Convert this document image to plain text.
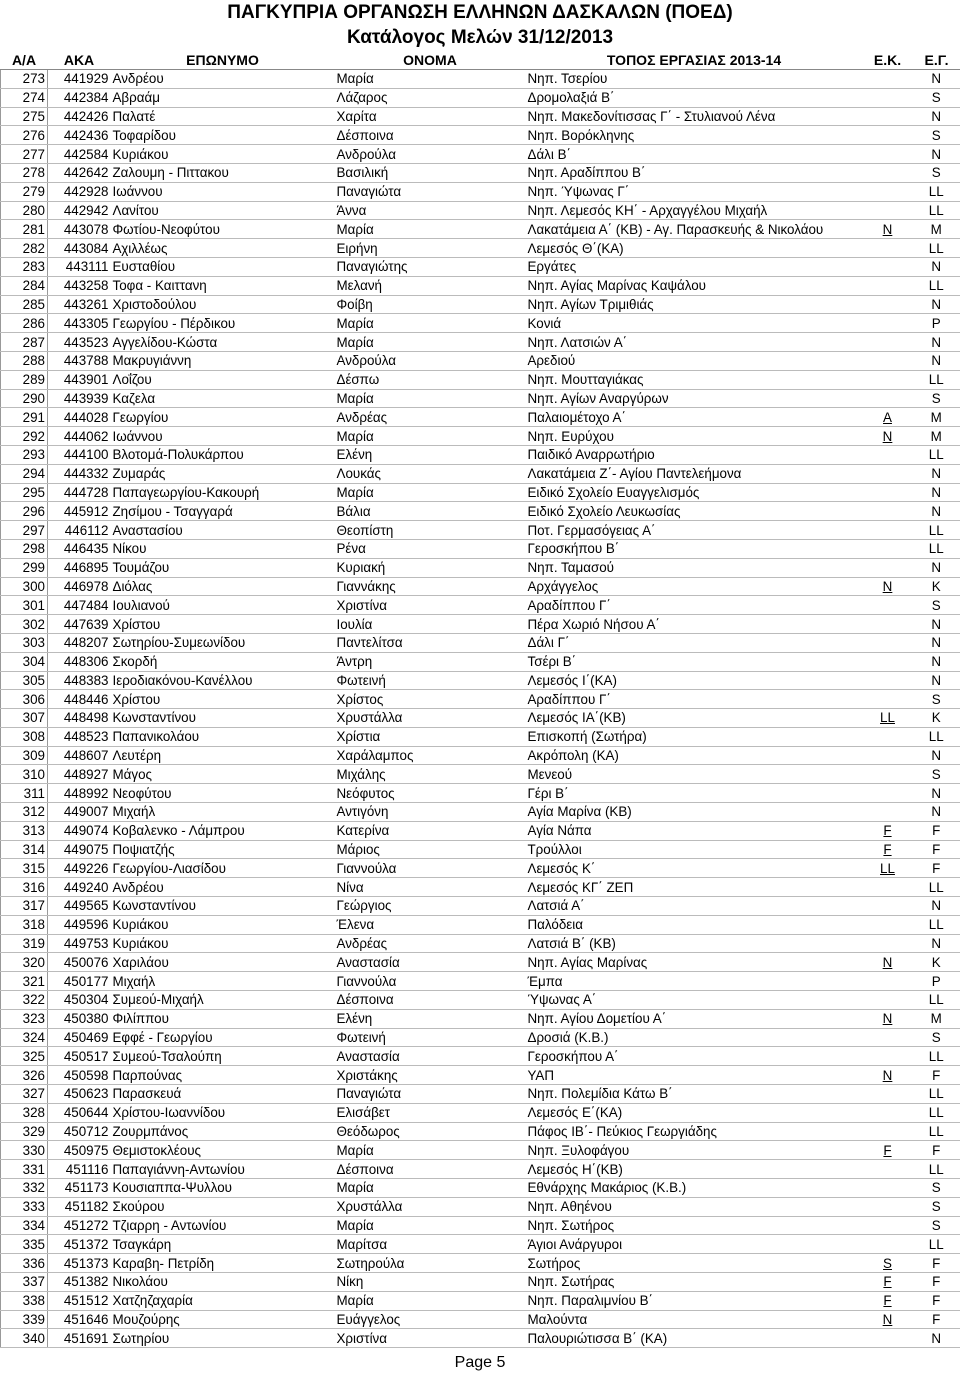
ΠΑΓΚΥΠΡΙΑ ΟΡΓΑΝΩΣΗ ΕΛΛΗΝΩΝ ΔΑΣΚΑΛΩΝ (ΠΟΕΔ)
Κατάλογος Μελών 31/12/2013
Α/Α	ΑΚΑ	ΕΠΩΝΥΜΟ	ΟΝΟΜΑ	ΤΟΠΟΣ ΕΡΓΑΣΙΑΣ 2013-14	Ε.Κ.	Ε.Γ.
273	441929	Ανδρέου	Μαρία	Νηπ. Τσερίου		N
274	442384	Αβραάμ	Λάζαρος	Δρομολαξιά Β΄		S
275	442426	Παλατέ	Χαρίτα	Νηπ. Μακεδονίτισσας Γ΄ - Στυλιανού Λένα		N
276	442436	Τοφαρίδου	Δέσποινα	Νηπ. Βορόκληνης		S
277	442584	Κυριάκου	Ανδρούλα	Δάλι Β΄		N
278	442642	Ζαλουμη - Πιττακου	Βασιλική	Νηπ. Αραδίππου Β΄		S
279	442928	Ιωάννου	Παναγιώτα	Νηπ. Ύψωνας Γ΄		LL
280	442942	Λανίτου	Άννα	Νηπ. Λεμεσός ΚΗ΄ - Αρχαγγέλου Μιχαήλ		LL
281	443078	Φωτίου-Νεοφύτου	Μαρία	Λακατάμεια Α΄ (ΚΒ) - Αγ. Παρασκευής & Νικολάου	N	M
282	443084	Αχιλλέως	Ειρήνη	Λεμεσός Θ΄(ΚΑ)		LL
283	443111	Ευσταθίου	Παναγιώτης	Εργάτες		N
284	443258	Τοφα - Καιττανη	Μελανή	Νηπ. Αγίας Μαρίνας Καψάλου		LL
285	443261	Χριστοδούλου	Φοίβη	Νηπ. Αγίων Τριμιθιάς		N
286	443305	Γεωργίου - Πέρδικου	Μαρία	Κονιά		P
287	443523	Αγγελίδου-Κώστα	Μαρία	Νηπ. Λατσιών Α΄		N
288	443788	Μακρυγιάννη	Ανδρούλα	Αρεδιού		N
289	443901	Λοΐζου	Δέσπω	Νηπ. Μουτταγιάκας		LL
290	443939	Καζελα	Μαρία	Νηπ. Αγίων Αναργύρων		S
291	444028	Γεωργίου	Ανδρέας	Παλαιομέτοχο Α΄	A	M
292	444062	Ιωάννου	Μαρία	Νηπ. Ευρύχου	N	M
293	444100	Βλοτομά-Πολυκάρπου	Ελένη	Παιδικό Αναρρωτήριο		LL
294	444332	Ζυμαράς	Λουκάς	Λακατάμεια Ζ΄- Αγίου Παντελεήμονα		N
295	444728	Παπαγεωργίου-Κακουρή	Μαρία	Ειδικό Σχολείο Ευαγγελισμός		N
296	445912	Ζησίμου - Τσαγγαρά	Βάλια	Ειδικό Σχολείο Λευκωσίας		N
297	446112	Αναστασίου	Θεοπίστη	Ποτ. Γερμασόγειας Α΄		LL
298	446435	Νίκου	Ρένα	Γεροσκήπου Β΄		LL
299	446895	Τουμάζου	Κυριακή	Νηπ. Ταμασού		N
300	446978	Διόλας	Γιαννάκης	Αρχάγγελος	N	K
301	447484	Ιουλιανού	Χριστίνα	Αραδίππου Γ΄		S
302	447639	Χρίστου	Ιουλία	Πέρα Χωριό Νήσου Α΄		N
303	448207	Σωτηρίου-Συμεωνίδου	Παντελίτσα	Δάλι Γ΄		N
304	448306	Σκορδή	Άντρη	Τσέρι Β΄		N
305	448383	Ιεροδιακόνου-Κανέλλου	Φωτεινή	Λεμεσός Ι΄(ΚΑ)		N
306	448446	Χρίστου	Χρίστος	Αραδίππου Γ΄		S
307	448498	Κωνσταντίνου	Χρυστάλλα	Λεμεσός ΙΑ΄(ΚΒ)	LL	K
308	448523	Παπανικολάου	Χρίστια	Επισκοπή (Σωτήρα)		LL
309	448607	Λευτέρη	Χαράλαμπος	Ακρόπολη (ΚΑ)		N
310	448927	Μάγος	Μιχάλης	Μενεού		S
311	448992	Νεοφύτου	Νεόφυτος	Γέρι Β΄		N
312	449007	Μιχαήλ	Αντιγόνη	Αγία Μαρίνα (ΚΒ)		N
313	449074	Κοβαλενκο - Λάμπρου	Κατερίνα	Αγία Νάπα	F	F
314	449075	Ποψιατζής	Μάριος	Τρούλλοι	F	F
315	449226	Γεωργίου-Λιασίδου	Γιαννούλα	Λεμεσός Κ΄	LL	F
316	449240	Ανδρέου	Νίνα	Λεμεσός ΚΓ΄ ΖΕΠ		LL
317	449565	Κωνσταντίνου	Γεώργιος	Λατσιά Α΄		N
318	449596	Κυριάκου	Έλενα	Παλόδεια		LL
319	449753	Κυριάκου	Ανδρέας	Λατσιά Β΄ (ΚΒ)		N
320	450076	Χαριλάου	Αναστασία	Νηπ. Αγίας Μαρίνας	N	K
321	450177	Μιχαήλ	Γιαννούλα	Έμπα		P
322	450304	Συμεού-Μιχαήλ	Δέσποινα	Ύψωνας Α΄		LL
323	450380	Φιλίππου	Ελένη	Νηπ. Αγίου Δομετίου Α΄	N	M
324	450469	Εφφέ - Γεωργίου	Φωτεινή	Δροσιά (Κ.Β.)		S
325	450517	Συμεού-Τσαλούπη	Αναστασία	Γεροσκήπου Α΄		LL
326	450598	Παρπούνας	Χριστάκης	ΥΑΠ	N	F
327	450623	Παρασκευά	Παναγιώτα	Νηπ. Πολεμίδια Κάτω Β΄		LL
328	450644	Χρίστου-Ιωαννίδου	Ελισάβετ	Λεμεσός Ε΄(ΚΑ)		LL
329	450712	Ζουρμπάνος	Θεόδωρος	Πάφος ΙΒ΄- Πεύκιος Γεωργιάδης		LL
330	450975	Θεμιστοκλέους	Μαρία	Νηπ. Ξυλοφάγου	F	F
331	451116	Παπαγιάννη-Αντωνίου	Δέσποινα	Λεμεσός Η΄(ΚΒ)		LL
332	451173	Κουσιαππα-Ψυλλου	Μαρία	Εθνάρχης Μακάριος (Κ.Β.)		S
333	451182	Σκούρου	Χρυστάλλα	Νηπ. Αθηένου		S
334	451272	Τζιαρρη - Αντωνίου	Μαρία	Νηπ. Σωτήρος		S
335	451372	Τσαγκάρη	Μαρίτσα	Άγιοι Ανάργυροι		LL
336	451373	Καραβη- Πετρίδη	Σωτηρούλα	Σωτήρος	S	F
337	451382	Νικολάου	Νίκη	Νηπ. Σωτήρας	F	F
338	451512	Χατζηζαχαρία	Μαρία	Νηπ. Παραλιμνίου Β΄	F	F
339	451646	Μουζούρης	Ευάγγελος	Μαλούντα	N	F
340	451691	Σωτηρίου	Χριστίνα	Παλουριώτισσα Β΄ (ΚΑ)		N
Page 5
